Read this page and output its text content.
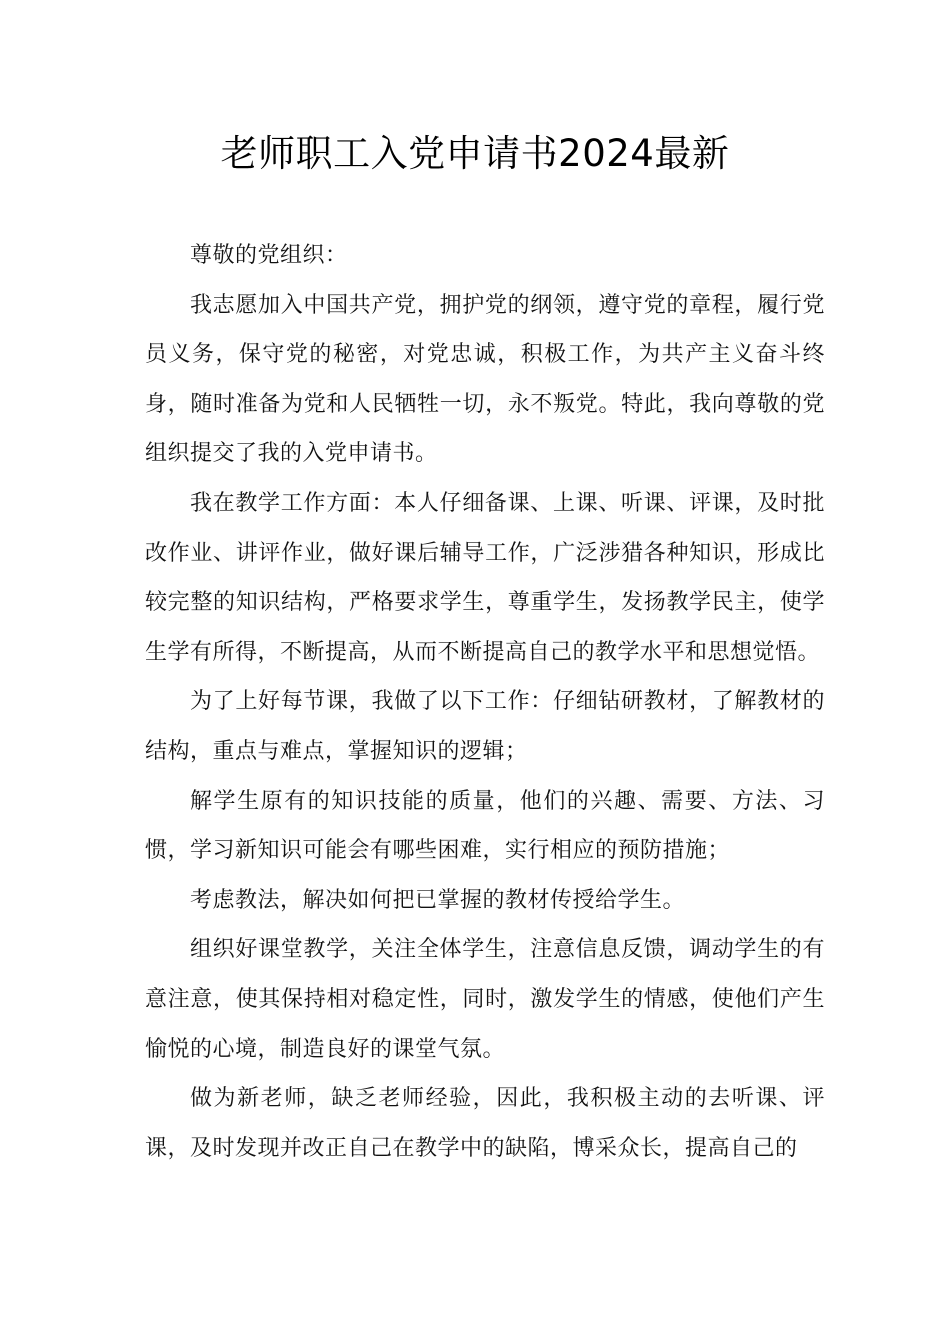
老师职工入党申请书2024最新

尊敬的党组织：

我志愿加入中国共产党，拥护党的纲领，遵守党的章程，履行党员义务，保守党的秘密，对党忠诚，积极工作，为共产主义奋斗终身，随时准备为党和人民牺牲一切，永不叛党。特此，我向尊敬的党组织提交了我的入党申请书。

我在教学工作方面：本人仔细备课、上课、听课、评课，及时批改作业、讲评作业，做好课后辅导工作，广泛涉猎各种知识，形成比较完整的知识结构，严格要求学生，尊重学生，发扬教学民主，使学生学有所得，不断提高，从而不断提高自己的教学水平和思想觉悟。

为了上好每节课，我做了以下工作：仔细钻研教材，了解教材的结构，重点与难点，掌握知识的逻辑；

解学生原有的知识技能的质量，他们的兴趣、需要、方法、习惯，学习新知识可能会有哪些困难，实行相应的预防措施；

考虑教法，解决如何把已掌握的教材传授给学生。

组织好课堂教学，关注全体学生，注意信息反馈，调动学生的有意注意，使其保持相对稳定性，同时，激发学生的情感，使他们产生愉悦的心境，制造良好的课堂气氛。

做为新老师，缺乏老师经验，因此，我积极主动的去听课、评课，及时发现并改正自己在教学中的缺陷，博采众长，提高自己的
